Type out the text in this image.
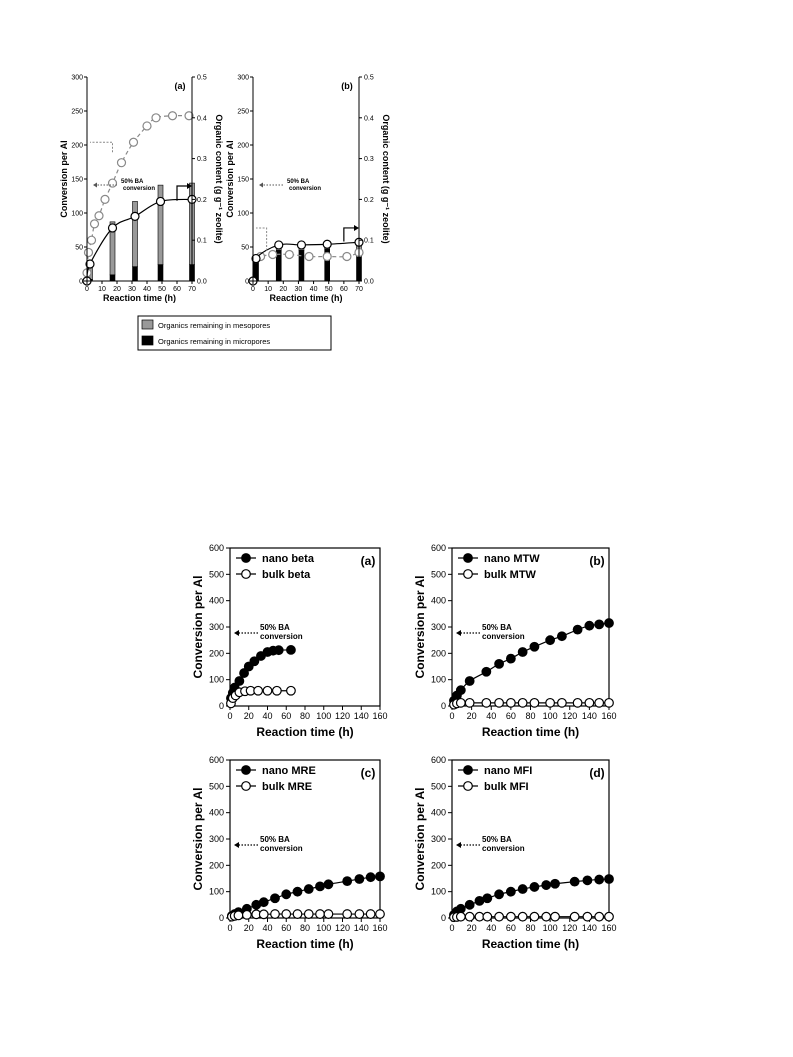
0
50
100
150
200
250
300
0.0
0.1
0.2
0.3
0.4
0.5
0 10 20 30 40 50 60 70
Reaction time (h)
Conversion per Al	Organic content (g g⁻¹ zeolite)
(a)
50% BA
conversion
0
50
100
150
200
250
300
0.0
0.1
0.2
0.3
0.4
0.5
0 10 20 30 40 50 60 70
Reaction time (h)
Conversion per Al	Organic content (g g⁻¹ zeolite)
(b)
50% BA
conversion
Organics remaining in mesopores
Organics remaining in micropores
0
100
200
300
400
500
600
0 20 40 60 80 100 120 140 160
Reaction time (h)
Conversion per Al
(a)
nano beta
bulk beta
50% BA
conversion
0
100
200
300
400
500
600
0 20 40 60 80 100 120 140 160
Reaction time (h)
Conversion per Al
(b)
nano MTW
bulk MTW
50% BA
conversion
0
100
200
300
400
500
600
0 20 40 60 80 100 120 140 160
Reaction time (h)
Conversion per Al
(c)
nano MRE
bulk MRE
50% BA
conversion
0
100
200
300
400
500
600
0 20 40 60 80 100 120 140 160
Reaction time (h)
Conversion per Al
(d)
nano MFI
bulk MFI
50% BA
conversion
